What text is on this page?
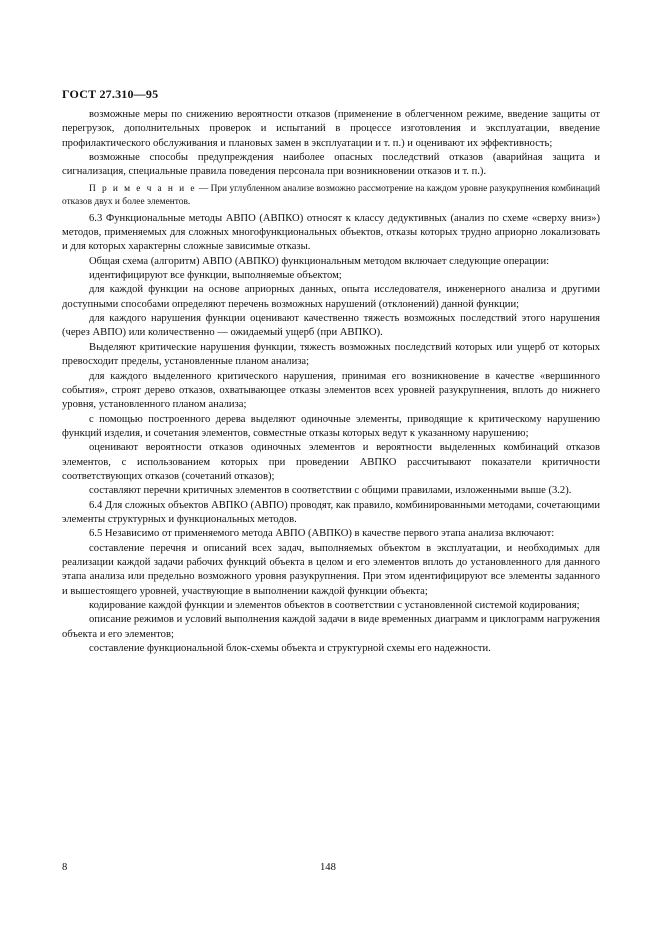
ГОСТ 27.310—95

возможные меры по снижению вероятности отказов (применение в облегченном режиме, введение защиты от перегрузок, дополнительных проверок и испытаний в процессе изготовления и эксплуатации, введение профилактического обслуживания и плановых замен в эксплуатации и т. п.) и оценивают их эффективность;

возможные способы предупреждения наиболее опасных последствий отказов (аварийная защита и сигнализация, специальные правила поведения персонала при возникновении отказов и т. п.).

П р и м е ч а н и е — При углубленном анализе возможно рассмотрение на каждом уровне разукрупнения комбинаций отказов двух и более элементов.

6.3 Функциональные методы АВПО (АВПКО) относят к классу дедуктивных (анализ по схеме «сверху вниз») методов, применяемых для сложных многофункциональных объектов, отказы которых трудно априорно локализовать и для которых характерны сложные зависимые отказы.

Общая схема (алгоритм) АВПО (АВПКО) функциональным методом включает следующие операции:

идентифицируют все функции, выполняемые объектом;

для каждой функции на основе априорных данных, опыта исследователя, инженерного анализа и другими доступными способами определяют перечень возможных нарушений (отклонений) данной функции;

для каждого нарушения функции оценивают качественно тяжесть возможных последствий этого нарушения (через АВПО) или количественно — ожидаемый ущерб (при АВПКО).

Выделяют критические нарушения функции, тяжесть возможных последствий которых или ущерб от которых превосходит пределы, установленные планом анализа;

для каждого выделенного критического нарушения, принимая его возникновение в качестве «вершинного события», строят дерево отказов, охватывающее отказы элементов всех уровней разукрупнения, вплоть до нижнего уровня, установленного планом анализа;

с помощью построенного дерева выделяют одиночные элементы, приводящие к критическому нарушению функций изделия, и сочетания элементов, совместные отказы которых ведут к указанному нарушению;

оценивают вероятности отказов одиночных элементов и вероятности выделенных комбинаций отказов элементов, с использованием которых при проведении АВПКО рассчитывают показатели критичности соответствующих отказов (сочетаний отказов);

составляют перечни критичных элементов в соответствии с общими правилами, изложенными выше (3.2).

6.4 Для сложных объектов АВПКО (АВПО) проводят, как правило, комбинированными методами, сочетающими элементы структурных и функциональных методов.

6.5 Независимо от применяемого метода АВПО (АВПКО) в качестве первого этапа анализа включают:

составление перечня и описаний всех задач, выполняемых объектом в эксплуатации, и необходимых для реализации каждой задачи рабочих функций объекта в целом и его элементов вплоть до установленного для данного этапа анализа или предельно возможного уровня разукрупнения. При этом идентифицируют все элементы заданного и вышестоящего уровней, участвующие в выполнении каждой функции объекта;

кодирование каждой функции и элементов объектов в соответствии с установленной системой кодирования;

описание режимов и условий выполнения каждой задачи в виде временных диаграмм и циклограмм нагружения объекта и его элементов;

составление функциональной блок-схемы объекта и структурной схемы его надежности.

8	148
